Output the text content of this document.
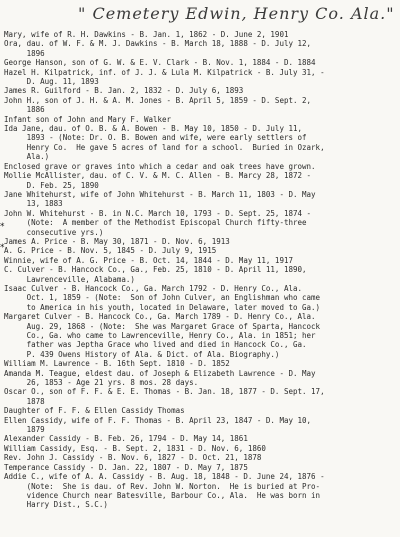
" Cemetery Edwin, Henry Co. Ala."
*
*
Mary, wife of R. H. Dawkins - B. Jan. 1, 1862 - D. June 2, 1901
Ora, dau. of W. F. & M. J. Dawkins - B. March 18, 1888 - D. July 12,
1896
George Hanson, son of G. W. & E. V. Clark - B. Nov. 1, 1884 - D. 1884
Hazel H. Kilpatrick, inf. of J. J. & Lula M. Kilpatrick - B. July 31, -
D. Aug. 11, 1893
James R. Guilford - B. Jan. 2, 1832 - D. July 6, 1893
John H., son of J. H. & A. M. Jones - B. April 5, 1859 - D. Sept. 2,
1886
Infant son of John and Mary F. Walker
Ida Jane, dau. of O. B. & A. Bowen - B. May 10, 1850 - D. July 11,
1893 - (Note: Dr. O. B. Bowen and wife, were early settlers of
Henry Co.  He gave 5 acres of land for a school.  Buried in Ozark,
Ala.)
Enclosed grave or graves into which a cedar and oak trees have grown.
Mollie McAllister, dau. of C. V. & M. C. Allen - B. Marcy 28, 1872 -
D. Feb. 25, 1890
Jane Whitehurst, wife of John Whitehurst - B. March 11, 1803 - D. May
13, 1883
John W. Whitehurst - B. in N.C. March 10, 1793 - D. Sept. 25, 1874 -
(Note:  A member of the Methodist Episcopal Church fifty-three
consecutive yrs.)
James A. Price - B. May 30, 1871 - D. Nov. 6, 1913
A. G. Price - B. Nov. 5, 1845 - D. July 9, 1915
Winnie, wife of A. G. Price - B. Oct. 14, 1844 - D. May 11, 1917
C. Culver - B. Hancock Co., Ga., Feb. 25, 1810 - D. April 11, 1890,
Lawrenceville, Alabama.)
Isaac Culver - B. Hancock Co., Ga. March 1792 - D. Henry Co., Ala.
Oct. 1, 1859 - (Note:  Son of John Culver, an Englishman who came
to America in his youth, located in Delaware, later moved to Ga.)
Margaret Culver - B. Hancock Co., Ga. March 1789 - D. Henry Co., Ala.
Aug. 29, 1868 - (Note:  She was Margaret Grace of Sparta, Hancock
Co., Ga. who came to Lawrenceville, Henry Co., Ala. in 1851; her
father was Jeptha Grace who lived and died in Hancock Co., Ga.
P. 439 Owens History of Ala. & Dict. of Ala. Biography.)
William M. Lawrence - B. 16th Sept. 1810 - D. 1852
Amanda M. Teague, eldest dau. of Joseph & Elizabeth Lawrence - D. May
26, 1853 - Age 21 yrs. 8 mos. 28 days.
Oscar O., son of F. F. & E. E. Thomas - B. Jan. 18, 1877 - D. Sept. 17,
1878
Daughter of F. F. & Ellen Cassidy Thomas
Ellen Cassidy, wife of F. F. Thomas - B. April 23, 1847 - D. May 10,
1879
Alexander Cassidy - B. Feb. 26, 1794 - D. May 14, 1861
William Cassidy, Esq. - B. Sept. 2, 1831 - D. Nov. 6, 1860
Rev. John J. Cassidy - B. Nov. 6, 1827 - D. Oct. 21, 1878
Temperance Cassidy - D. Jan. 22, 1807 - D. May 7, 1875
Addie C., wife of A. A. Cassidy - B. Aug. 18, 1848 - D. June 24, 1876 -
(Note:  She is dau. of Rev. John W. Norton.  He is buried at Pro-
vidence Church near Batesville, Barbour Co., Ala.  He was born in
Harry Dist., S.C.)
